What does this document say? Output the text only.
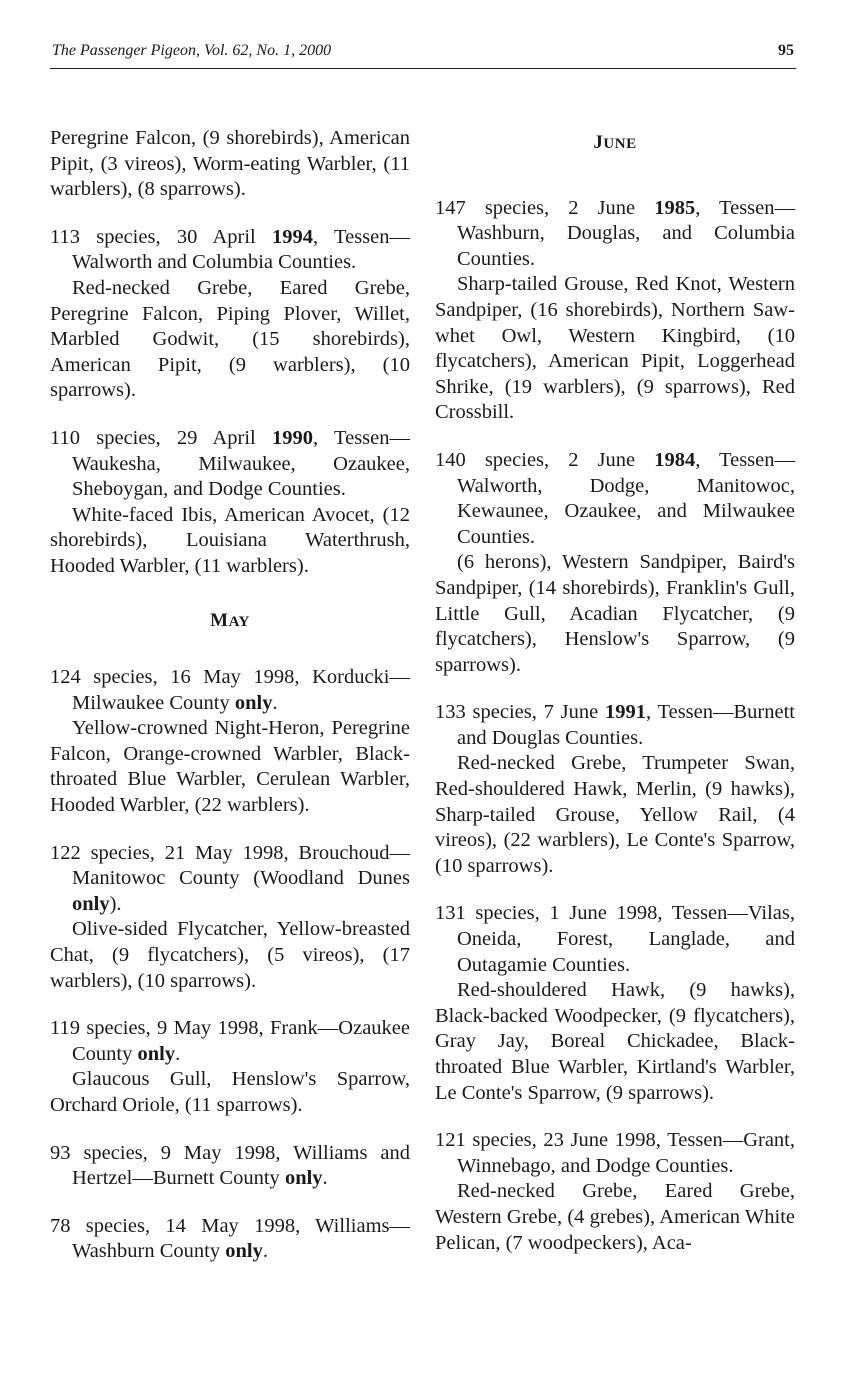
The Passenger Pigeon, Vol. 62, No. 1, 2000	95

Peregrine Falcon, (9 shorebirds), American Pipit, (3 vireos), Worm-eating Warbler, (11 warblers), (8 sparrows).

113 species, 30 April 1994, Tessen—Walworth and Columbia Counties.
Red-necked Grebe, Eared Grebe, Peregrine Falcon, Piping Plover, Willet, Marbled Godwit, (15 shorebirds), American Pipit, (9 warblers), (10 sparrows).
110 species, 29 April 1990, Tessen—Waukesha, Milwaukee, Ozaukee, Sheboygan, and Dodge Counties.
White-faced Ibis, American Avocet, (12 shorebirds), Louisiana Waterthrush, Hooded Warbler, (11 warblers).

MAY

124 species, 16 May 1998, Korducki—Milwaukee County only.
Yellow-crowned Night-Heron, Peregrine Falcon, Orange-crowned Warbler, Black-throated Blue Warbler, Cerulean Warbler, Hooded Warbler, (22 warblers).
122 species, 21 May 1998, Brouchoud—Manitowoc County (Woodland Dunes only).
Olive-sided Flycatcher, Yellow-breasted Chat, (9 flycatchers), (5 vireos), (17 warblers), (10 sparrows).
119 species, 9 May 1998, Frank—Ozaukee County only.
Glaucous Gull, Henslow's Sparrow, Orchard Oriole, (11 sparrows).
93 species, 9 May 1998, Williams and Hertzel—Burnett County only.
78 species, 14 May 1998, Williams—Washburn County only.

JUNE

147 species, 2 June 1985, Tessen—Washburn, Douglas, and Columbia Counties.
Sharp-tailed Grouse, Red Knot, Western Sandpiper, (16 shorebirds), Northern Saw-whet Owl, Western Kingbird, (10 flycatchers), American Pipit, Loggerhead Shrike, (19 warblers), (9 sparrows), Red Crossbill.
140 species, 2 June 1984, Tessen—Walworth, Dodge, Manitowoc, Kewaunee, Ozaukee, and Milwaukee Counties.
(6 herons), Western Sandpiper, Baird's Sandpiper, (14 shorebirds), Franklin's Gull, Little Gull, Acadian Flycatcher, (9 flycatchers), Henslow's Sparrow, (9 sparrows).
133 species, 7 June 1991, Tessen—Burnett and Douglas Counties.
Red-necked Grebe, Trumpeter Swan, Red-shouldered Hawk, Merlin, (9 hawks), Sharp-tailed Grouse, Yellow Rail, (4 vireos), (22 warblers), Le Conte's Sparrow, (10 sparrows).
131 species, 1 June 1998, Tessen—Vilas, Oneida, Forest, Langlade, and Outagamie Counties.
Red-shouldered Hawk, (9 hawks), Black-backed Woodpecker, (9 flycatchers), Gray Jay, Boreal Chickadee, Black-throated Blue Warbler, Kirtland's Warbler, Le Conte's Sparrow, (9 sparrows).
121 species, 23 June 1998, Tessen—Grant, Winnebago, and Dodge Counties.
Red-necked Grebe, Eared Grebe, Western Grebe, (4 grebes), American White Pelican, (7 woodpeckers), Aca-
